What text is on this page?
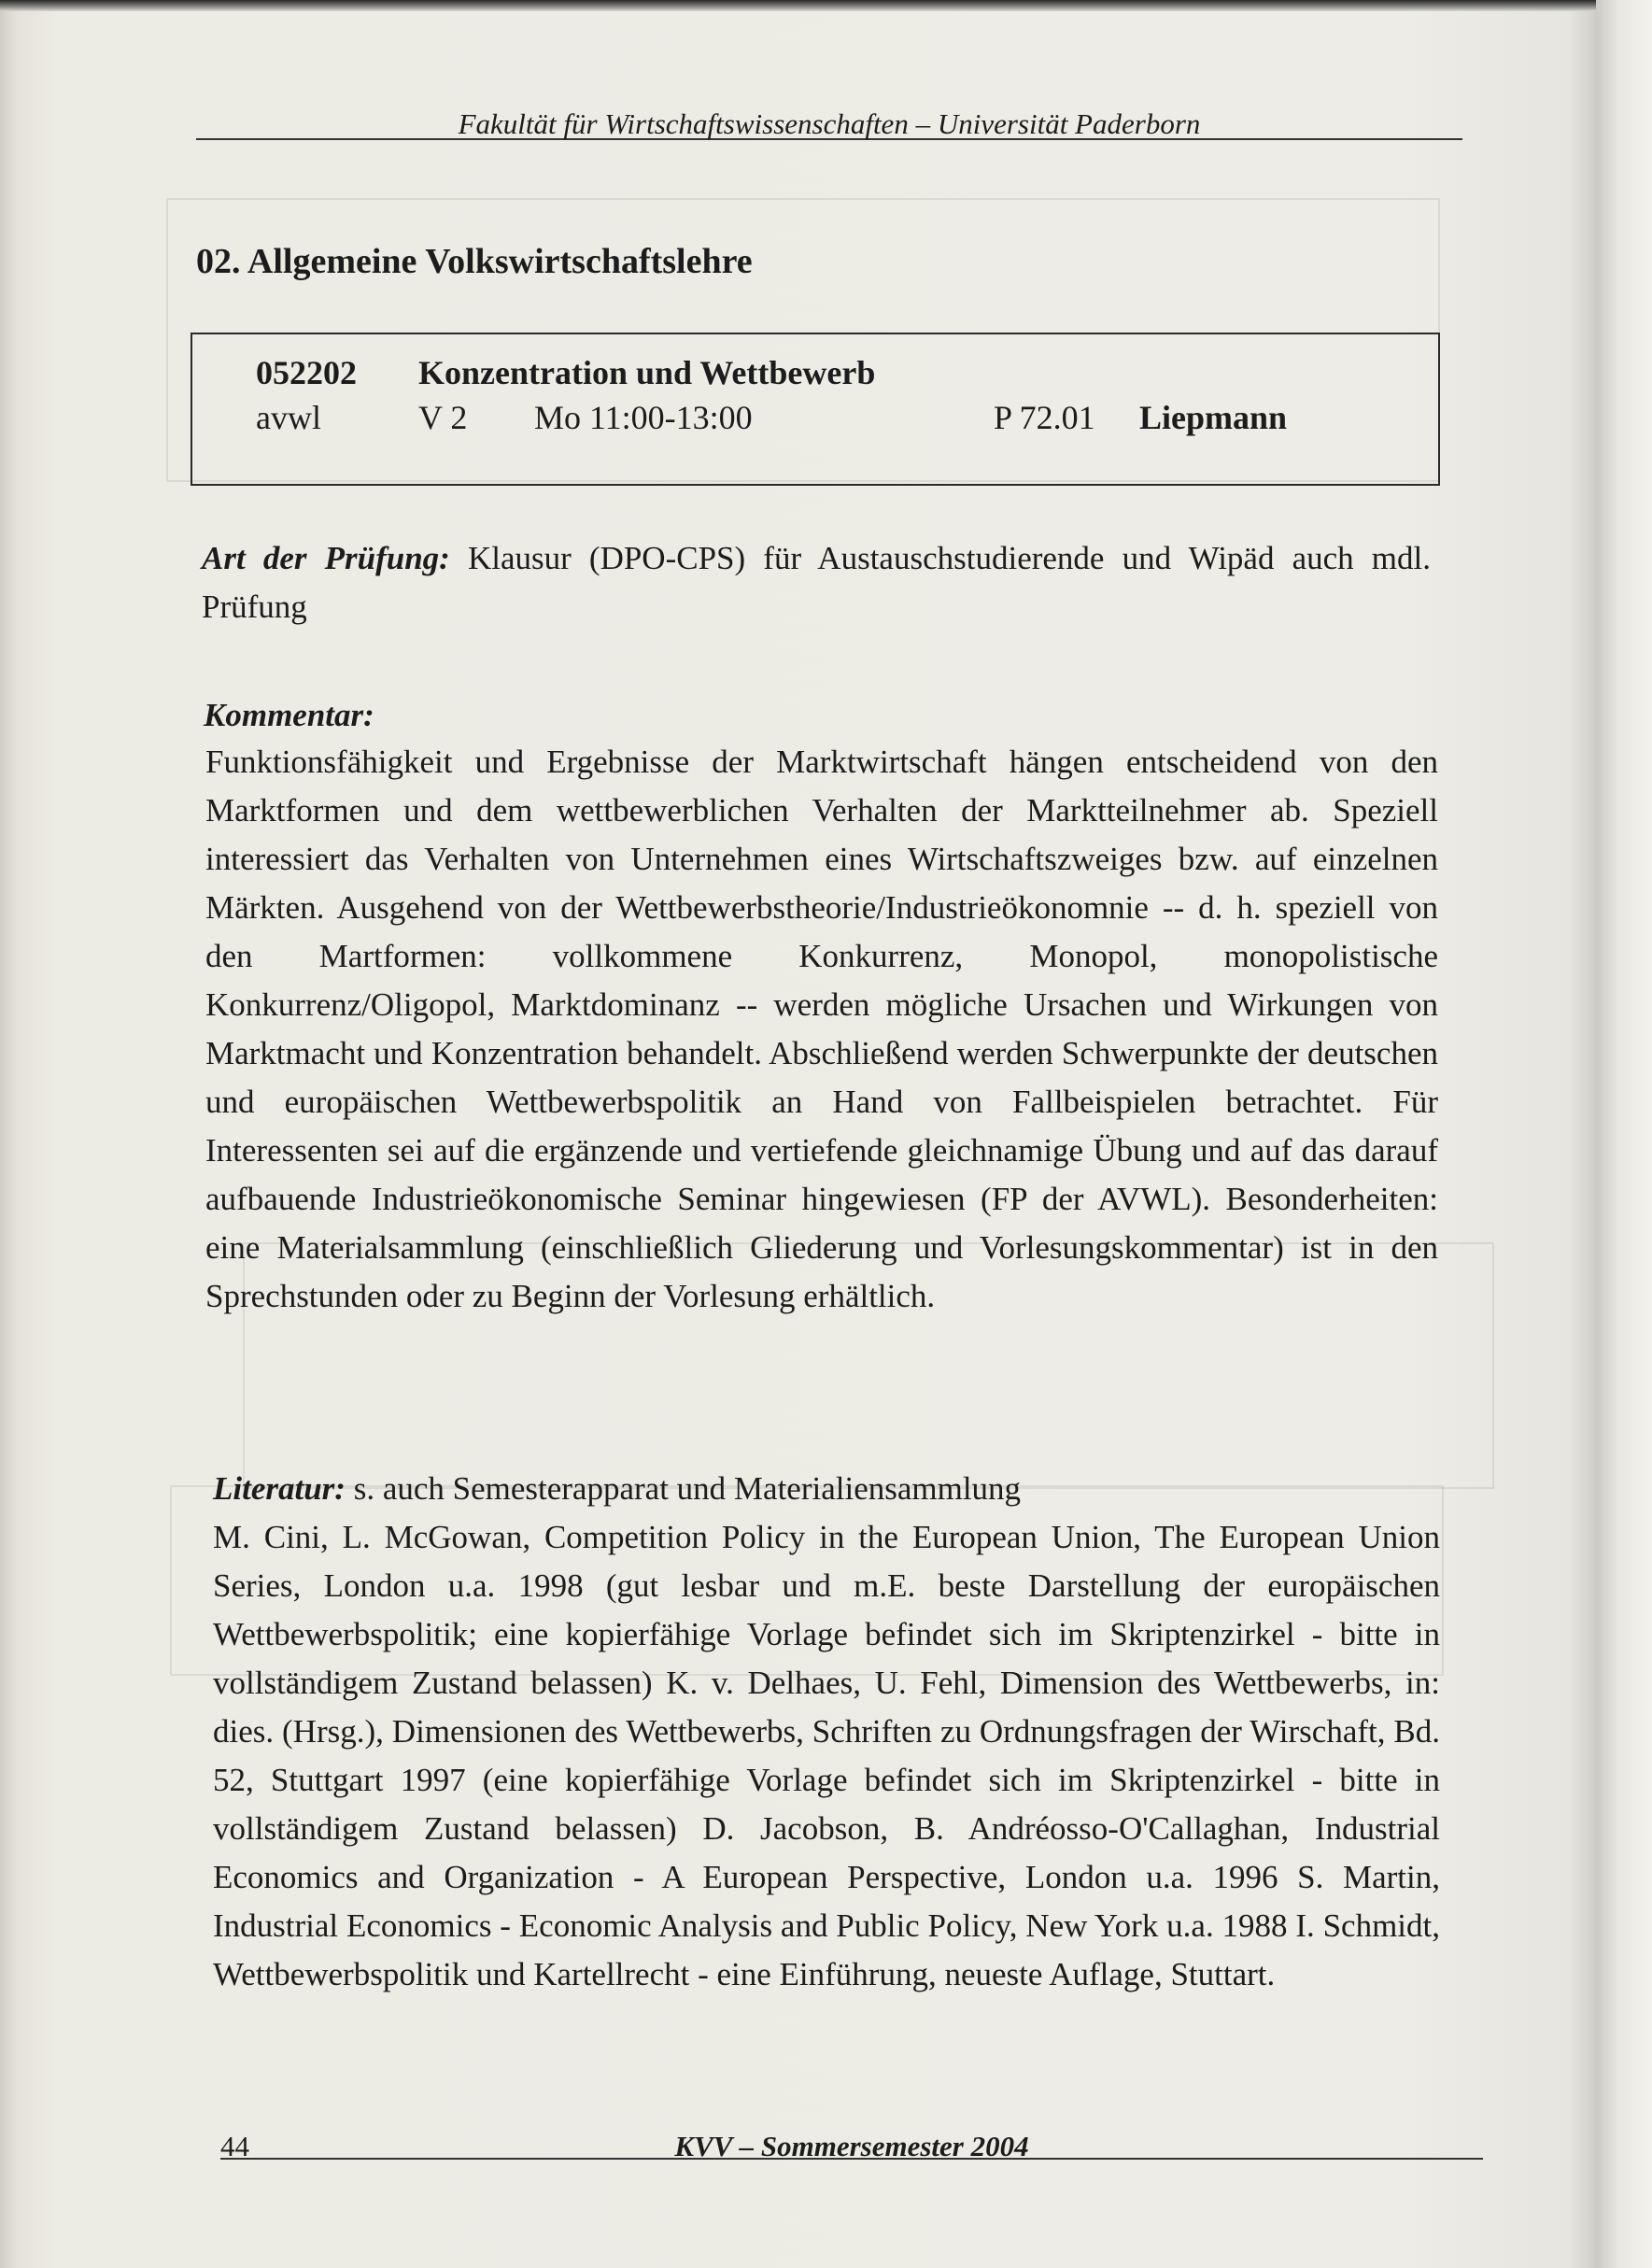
Fakultät für Wirtschaftswissenschaften – Universität Paderborn
02. Allgemeine Volkswirtschaftslehre
052202 Konzentration und Wettbewerb
avwl	V 2 Mo 11:00-13:00	P 72.01 Liepmann
Art der Prüfung: Klausur (DPO-CPS) für Austauschstudierende und Wipäd auch mdl. Prüfung
Kommentar:
Funktionsfähigkeit und Ergebnisse der Marktwirtschaft hängen entscheidend von den Marktformen und dem wettbewerblichen Verhalten der Marktteilnehmer ab. Speziell interessiert das Verhalten von Unternehmen eines Wirtschaftszweiges bzw. auf einzelnen Märkten. Ausgehend von der Wettbewerbstheorie/Industrieökonomnie -- d. h. speziell von den Martformen: vollkommene Konkurrenz, Monopol, monopolistische Konkurrenz/Oligopol, Marktdominanz -- werden mögliche Ursachen und Wirkungen von Marktmacht und Konzentration behandelt. Abschließend werden Schwerpunkte der deutschen und europäischen Wettbewerbspolitik an Hand von Fallbeispielen betrachtet. Für Interessenten sei auf die ergänzende und vertiefende gleichnamige Übung und auf das darauf aufbauende Industrieökonomische Seminar hingewiesen (FP der AVWL). Besonderheiten: eine Materialsammlung (einschließlich Gliederung und Vorlesungskommentar) ist in den Sprechstunden oder zu Beginn der Vorlesung erhältlich.
Literatur: s. auch Semesterapparat und Materialiensammlung
M. Cini, L. McGowan, Competition Policy in the European Union, The European Union Series, London u.a. 1998 (gut lesbar und m.E. beste Darstellung der europäischen Wettbewerbspolitik; eine kopierfähige Vorlage befindet sich im Skriptenzirkel - bitte in vollständigem Zustand belassen) K. v. Delhaes, U. Fehl, Dimension des Wettbewerbs, in: dies. (Hrsg.), Dimensionen des Wettbewerbs, Schriften zu Ordnungsfragen der Wirschaft, Bd. 52, Stuttgart 1997 (eine kopierfähige Vorlage befindet sich im Skriptenzirkel - bitte in vollständigem Zustand belassen) D. Jacobson, B. Andréosso-O'Callaghan, Industrial Economics and Organization - A European Perspective, London u.a. 1996 S. Martin, Industrial Economics - Economic Analysis and Public Policy, New York u.a. 1988 I. Schmidt, Wettbewerbspolitik und Kartellrecht - eine Einführung, neueste Auflage, Stuttart.
44	KVV – Sommersemester 2004
